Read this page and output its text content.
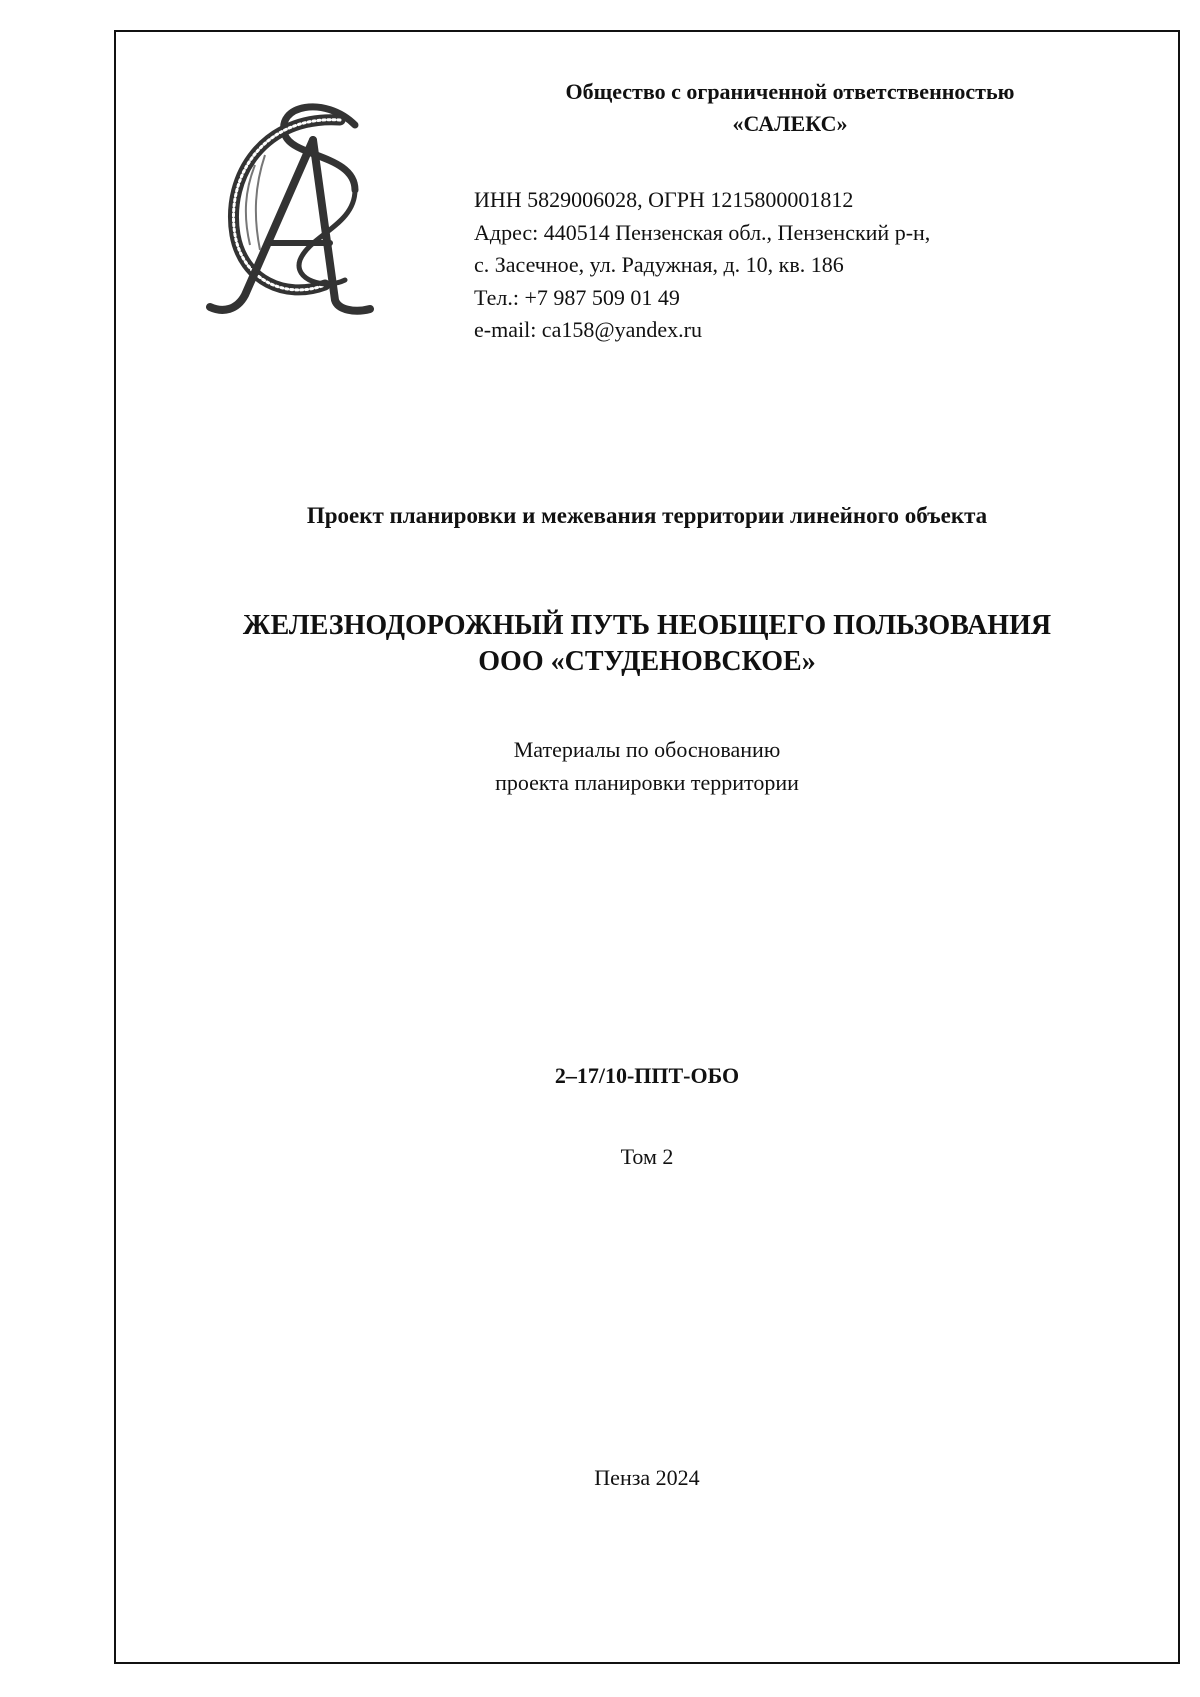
Общество с ограниченной ответственностью
«САЛЕКС»
ИНН 5829006028, ОГРН 1215800001812
Адрес: 440514 Пензенская обл., Пензенский р-н,
с. Засечное, ул. Радужная, д. 10, кв. 186
Тел.: +7 987 509 01 49
e-mail: ca158@yandex.ru
Проект планировки и межевания территории линейного объекта
ЖЕЛЕЗНОДОРОЖНЫЙ ПУТЬ НЕОБЩЕГО ПОЛЬЗОВАНИЯ
ООО «СТУДЕНОВСКОЕ»
Материалы по обоснованию
проекта планировки территории
2–17/10-ППТ-ОБО
Том 2
Пенза 2024
